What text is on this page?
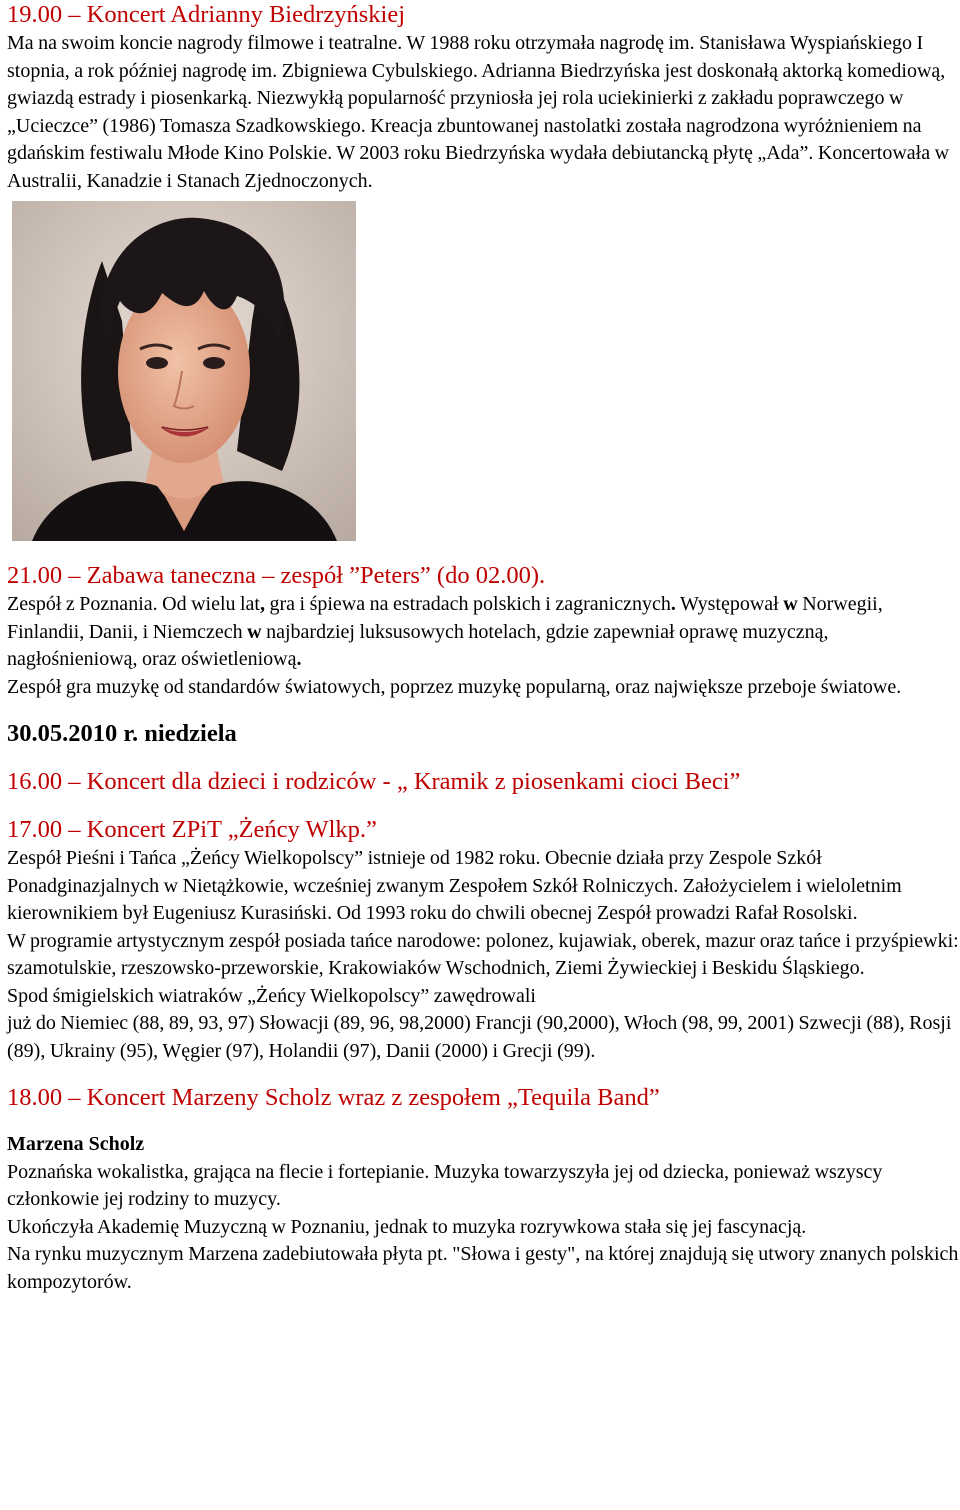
19.00 – Koncert Adrianny Biedrzyńskiej

Ma na swoim koncie nagrody filmowe i teatralne. W 1988 roku otrzymała nagrodę im. Stanisława Wyspiańskiego I stopnia, a rok później nagrodę im. Zbigniewa Cybulskiego. Adrianna Biedrzyńska jest doskonałą aktorką komediową, gwiazdą estrady i piosenkarką. Niezwykłą popularność przyniosła jej rola uciekinierki z zakładu poprawczego w „Ucieczce” (1986) Tomasza Szadkowskiego. Kreacja zbuntowanej nastolatki została nagrodzona wyróżnieniem na gdańskim festiwalu Młode Kino Polskie. W 2003 roku Biedrzyńska wydała debiutancką płytę „Ada”. Koncertowała w Australii, Kanadzie i Stanach Zjednoczonych.

21.00 – Zabawa taneczna – zespół ”Peters” (do 02.00).

Zespół z Poznania. Od wielu lat, gra i śpiewa na estradach polskich i zagranicznych. Występował w Norwegii, Finlandii, Danii, i Niemczech w najbardziej luksusowych hotelach, gdzie zapewniał oprawę muzyczną, nagłośnieniową, oraz oświetleniową.

Zespół gra muzykę od standardów światowych, poprzez muzykę popularną, oraz największe przeboje światowe.

30.05.2010 r. niedziela

16.00 – Koncert dla dzieci i rodziców - „ Kramik z piosenkami cioci Beci”
17.00 – Koncert ZPiT „Żeńcy Wlkp.”

Zespół Pieśni i Tańca „Żeńcy Wielkopolscy” istnieje od 1982 roku. Obecnie działa przy Zespole Szkół Ponadginazjalnych w Nietążkowie, wcześniej zwanym Zespołem Szkół Rolniczych. Założycielem i wieloletnim kierownikiem był Eugeniusz Kurasiński. Od 1993 roku do chwili obecnej Zespół prowadzi Rafał Rosolski.

W programie artystycznym zespół posiada tańce narodowe: polonez, kujawiak, oberek, mazur oraz tańce i przyśpiewki: szamotulskie, rzeszowsko-przeworskie, Krakowiaków Wschodnich, Ziemi Żywieckiej i Beskidu Śląskiego.

Spod śmigielskich wiatraków „Żeńcy Wielkopolscy” zawędrowali

już do Niemiec (88, 89, 93, 97) Słowacji (89, 96, 98,2000) Francji (90,2000), Włoch (98, 99, 2001) Szwecji (88), Rosji (89), Ukrainy (95), Węgier (97), Holandii (97), Danii (2000) i Grecji (99).

18.00 – Koncert Marzeny Scholz wraz z zespołem „Tequila Band”

Marzena Scholz

Poznańska wokalistka, grająca na flecie i fortepianie. Muzyka towarzyszyła jej od dziecka, ponieważ wszyscy członkowie jej rodziny to muzycy.

Ukończyła Akademię Muzyczną w Poznaniu, jednak to muzyka rozrywkowa stała się jej fascynacją.

Na rynku muzycznym Marzena zadebiutowała płyta pt. "Słowa i gesty", na której znajdują się utwory znanych polskich kompozytorów.
